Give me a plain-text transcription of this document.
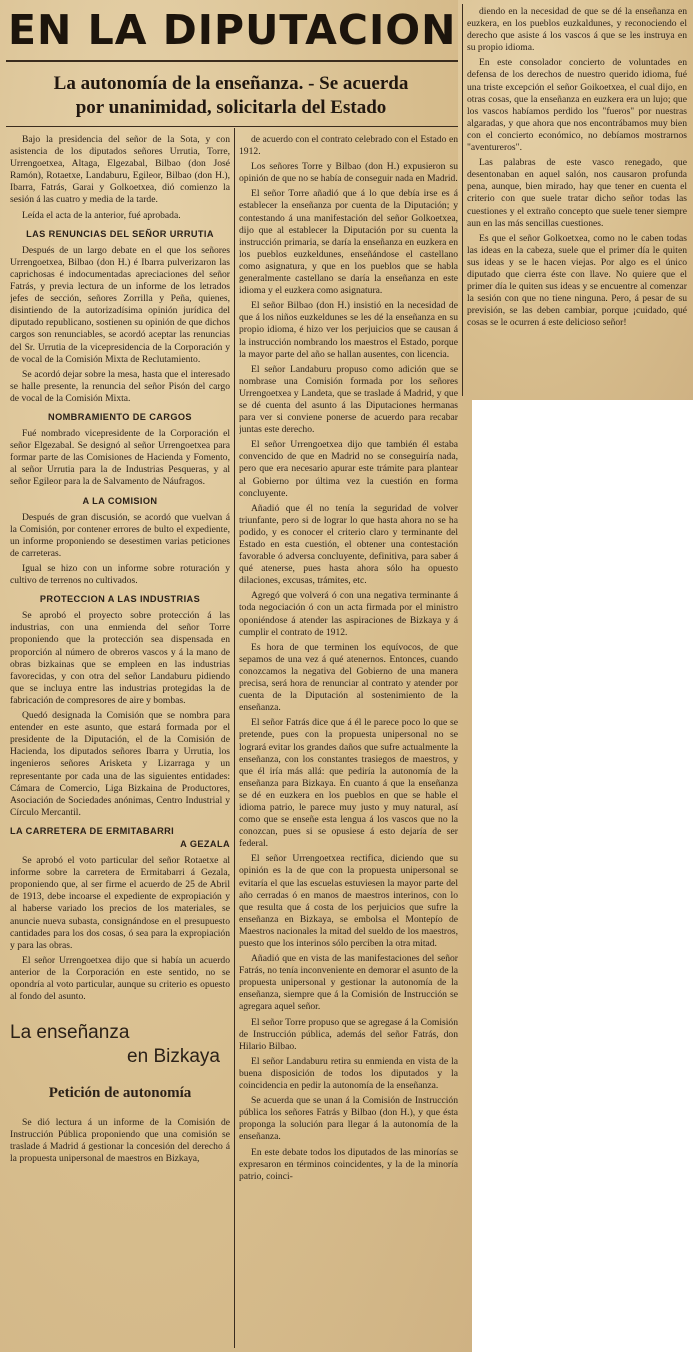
EN LA DIPUTACION
La autonomía de la enseñanza. - Se acuerda
por unanimidad, solicitarla del Estado

Bajo la presidencia del señor de la Sota, y con asistencia de los diputados señores Urrutia, Torre, Urrengoetxea, Altaga, Elgezabal, Bilbao (don José Ramón), Rotaetxe, Landaburu, Egileor, Bilbao (don H.), Ibarra, Fatrás, Garai y Golkoetxea, dió comienzo la sesión á las cuatro y media de la tarde.

Leída el acta de la anterior, fué aprobada.

LAS RENUNCIAS DEL SEÑOR URRUTIA

Después de un largo debate en el que los señores Urrengoetxea, Bilbao (don H.) é Ibarra pulverizaron las caprichosas é indocumentadas apreciaciones del señor Fatrás, y previa lectura de un informe de los letrados jefes de sección, señores Zorrilla y Peña, quienes, disintiendo de la autorizadísima opinión jurídica del diputado republicano, sostienen su opinión de que dichos cargos son renunciables, se acordó aceptar las renuncias del Sr. Urrutia de la vicepresidencia de la Corporación y de vocal de la Comisión Mixta de Reclutamiento.

Se acordó dejar sobre la mesa, hasta que el interesado se halle presente, la renuncia del señor Pisón del cargo de vocal de la Comisión Mixta.

NOMBRAMIENTO DE CARGOS

Fué nombrado vicepresidente de la Corporación el señor Elgezabal. Se designó al señor Urrengoetxea para formar parte de las Comisiones de Hacienda y Fomento, al señor Urrutia para la de Industrias Pesqueras, y al señor Egileor para la de Salvamento de Náufragos.

A LA COMISION

Después de gran discusión, se acordó que vuelvan á la Comisión, por contener errores de bulto el expediente, un informe proponiendo se desestimen varias peticiones de carreteras.

Igual se hizo con un informe sobre roturación y cultivo de terrenos no cultivados.

PROTECCION A LAS INDUSTRIAS

Se aprobó el proyecto sobre protección á las industrias, con una enmienda del señor Torre proponiendo que la protección sea dispensada en proporción al número de obreros vascos y á la mano de obras bizkainas que se empleen en las industrias favorecidas, y con otra del señor Landaburu pidiendo que se incluya entre las industrias protegidas la de fabricación de compresores de aire y bombas.

Quedó designada la Comisión que se nombra para entender en este asunto, que estará formada por el presidente de la Diputación, el de la Comisión de Hacienda, los diputados señores Ibarra y Urrutia, los ingenieros señores Arisketa y Lizarraga y un representante por cada una de las siguientes entidades: Cámara de Comercio, Liga Bizkaina de Productores, Asociación de Sociedades anónimas, Centro Industrial y Círculo Mercantil.

LA CARRETERA DE ERMITABARRI
A GEZALA

Se aprobó el voto particular del señor Rotaetxe al informe sobre la carretera de Ermitabarri á Gezala, proponiendo que, al ser firme el acuerdo de 25 de Abril de 1913, debe incoarse el expediente de expropiación y al haberse variado los precios de los materiales, se anuncie nueva subasta, consignándose en el presupuesto cantidades para los dos cosas, ó sea para la expropiación y para las obras.

El señor Urrengoetxea dijo que si había un acuerdo anterior de la Corporación en este sentido, no se opondría al voto particular, aunque su criterio es opuesto al fondo del asunto.

La enseñanza
en Bizkaya
Petición de autonomía

Se dió lectura á un informe de la Comisión de Instrucción Pública proponiendo que una comisión se traslade á Madrid á gestionar la concesión del derecho á la propuesta unipersonal de maestros en Bizkaya,

de acuerdo con el contrato celebrado con el Estado en 1912.

Los señores Torre y Bilbao (don H.) expusieron su opinión de que no se había de conseguir nada en Madrid.

El señor Torre añadió que á lo que debía irse es á establecer la enseñanza por cuenta de la Diputación; y contestando á una manifestación del señor Golkoetxea, dijo que al establecer la Diputación por su cuenta la instrucción primaria, se daría la enseñanza en euzkera en los pueblos euzkeldunes, enseñándose el castellano como asignatura, y que en los pueblos que se habla generalmente castellano se daría la enseñanza en este idioma y el euzkera como asignatura.

El señor Bilbao (don H.) insistió en la necesidad de que á los niños euzkeldunes se les dé la enseñanza en su propio idioma, é hizo ver los perjuicios que se causan á la instrucción nombrando los maestros el Estado, porque la mayor parte del año se hallan ausentes, con licencia.

El señor Landaburu propuso como adición que se nombrase una Comisión formada por los señores Urrengoetxea y Landeta, que se traslade á Madrid, y que se dé cuenta del asunto á las Diputaciones hermanas para ver si conviene ponerse de acuerdo para recabar juntas este derecho.

El señor Urrengoetxea dijo que también él estaba convencido de que en Madrid no se conseguiría nada, pero que era necesario apurar este trámite para plantear al Gobierno por última vez la cuestión en forma concluyente.

Añadió que él no tenía la seguridad de volver triunfante, pero si de lograr lo que hasta ahora no se ha podido, y es conocer el criterio claro y terminante del Estado en esta cuestión, el obtener una contestación favorable ó adversa concluyente, definitiva, para saber á qué atenerse, pues hasta ahora sólo ha opuesto dilaciones, excusas, trámites, etc.

Agregó que volverá ó con una negativa terminante á toda negociación ó con un acta firmada por el ministro oponiéndose á atender las aspiraciones de Bizkaya y á cumplir el contrato de 1912.

Es hora de que terminen los equívocos, de que sepamos de una vez á qué atenernos. Entonces, cuando conozcamos la negativa del Gobierno de una manera precisa, será hora de renunciar al contrato y atender por cuenta de la Diputación al sostenimiento de la enseñanza.

El señor Fatrás dice que á él le parece poco lo que se pretende, pues con la propuesta unipersonal no se logrará evitar los grandes daños que sufre actualmente la enseñanza, con los constantes trasiegos de maestros, y que él iría más allá: que pediría la autonomía de la enseñanza para Bizkaya. En cuanto á que la enseñanza se dé en euzkera en los pueblos en que se hable el idioma patrio, le parece muy justo y muy natural, así como que se enseñe esta lengua á los vascos que no la conozcan, pues si se opusiese á esto dejaría de ser federal.

El señor Urrengoetxea rectifica, diciendo que su opinión es la de que con la propuesta unipersonal se evitaría el que las escuelas estuviesen la mayor parte del año cerradas ó en manos de maestros interinos, con lo que resulta que á costa de los perjuicios que sufre la enseñanza en Bizkaya, se embolsa el Montepío de Maestros nacionales la mitad del sueldo de los maestros, puesto que los interinos sólo perciben la otra mitad.

Añadió que en vista de las manifestaciones del señor Fatrás, no tenía inconveniente en demorar el asunto de la propuesta unipersonal y gestionar la autonomía de la enseñanza, siempre que á la Comisión de Instrucción se agregara aquel señor.

El señor Torre propuso que se agregase á la Comisión de Instrucción pública, además del señor Fatrás, don Hilario Bilbao.

El señor Landaburu retira su enmienda en vista de la buena disposición de todos los diputados y la coincidencia en pedir la autonomía de la enseñanza.

Se acuerda que se unan á la Comisión de Instrucción pública los señores Fatrás y Bilbao (don H.), y que ésta proponga la solución para llegar á la autonomía de la enseñanza.

En este debate todos los diputados de las minorías se expresaron en términos coincidentes, y la de la minoría patrio, coinci-

diendo en la necesidad de que se dé la enseñanza en euzkera, en los pueblos euzkaldunes, y reconociendo el derecho que asiste á los vascos á que se les instruya en su propio idioma.

En este consolador concierto de voluntades en defensa de los derechos de nuestro querido idioma, fué una triste excepción el señor Goikoetxea, el cual dijo, en otras cosas, que la enseñanza en euzkera era un lujo; que los vascos habíamos perdido los "fueros" por nuestras algaradas, y que ahora que nos encontrábamos muy bien con el concierto económico, no debíamos mostrarnos "aventureros".

Las palabras de este vasco renegado, que desentonaban en aquel salón, nos causaron profunda pena, aunque, bien mirado, hay que tener en cuenta el criterio con que suele tratar dicho señor todas las cuestiones y el extraño concepto que suele tener siempre aun en las más sencillas cuestiones.

Es que el señor Golkoetxea, como no le caben todas las ideas en la cabeza, suele que el primer día le quiten sus ideas y se le hacen viejas. Por algo es el único diputado que cierra éste con llave. No quiere que el primer día le quiten sus ideas y se encuentre al comenzar la sesión con que no tiene ninguna. Pero, á pesar de su previsión, se las deben cambiar, porque ¡cuidado, qué cosas se le ocurren á este delicioso señor!
